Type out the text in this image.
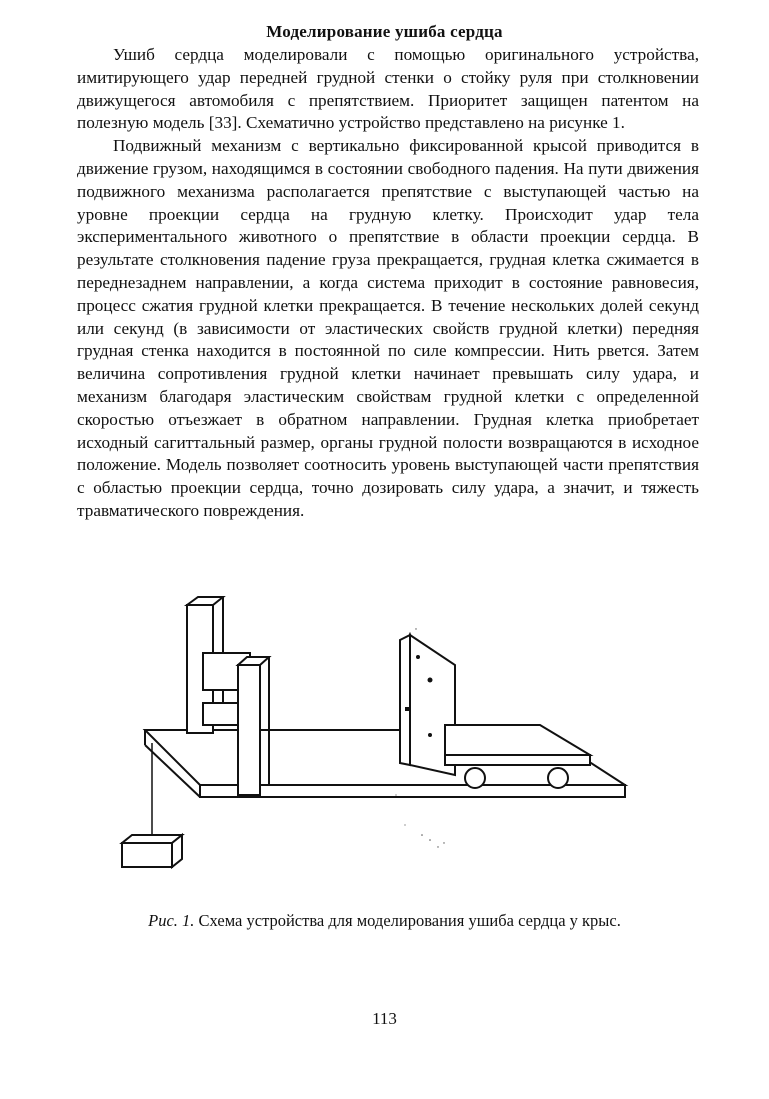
Моделирование ушиба сердца

Ушиб сердца моделировали с помощью оригинального устройства, имитирующего удар передней грудной стенки о стойку руля при столкновении движущегося автомобиля с препятствием. Приоритет защищен патентом на полезную модель [33]. Схематично устройство представлено на рисунке 1.

Подвижный механизм с вертикально фиксированной крысой приводится в движение грузом, находящимся в состоянии свободного падения. На пути движения подвижного механизма располагается препятствие с выступающей частью на уровне проекции сердца на грудную клетку. Происходит удар тела экспериментального животного о препятствие в области проекции сердца. В результате столкновения падение груза прекращается, грудная клетка сжимается в переднезаднем направлении, а когда система приходит в состояние равновесия, процесс сжатия грудной клетки прекращается. В течение нескольких долей секунд или секунд (в зависимости от эластических свойств грудной клетки) передняя грудная стенка находится в постоянной по силе компрессии. Нить рвется. Затем величина сопротивления грудной клетки начинает превышать силу удара, и механизм благодаря эластическим свойствам грудной клетки с определенной скоростью отъезжает в обратном направлении. Грудная клетка приобретает исходный сагиттальный размер, органы грудной полости возвращаются в исходное положение. Модель позволяет соотносить уровень выступающей части препятствия с областью проекции сердца, точно дозировать силу удара, а значит, и тяжесть травматического повреждения.

Рис. 1. Схема устройства для моделирования ушиба сердца у крыс.

113
